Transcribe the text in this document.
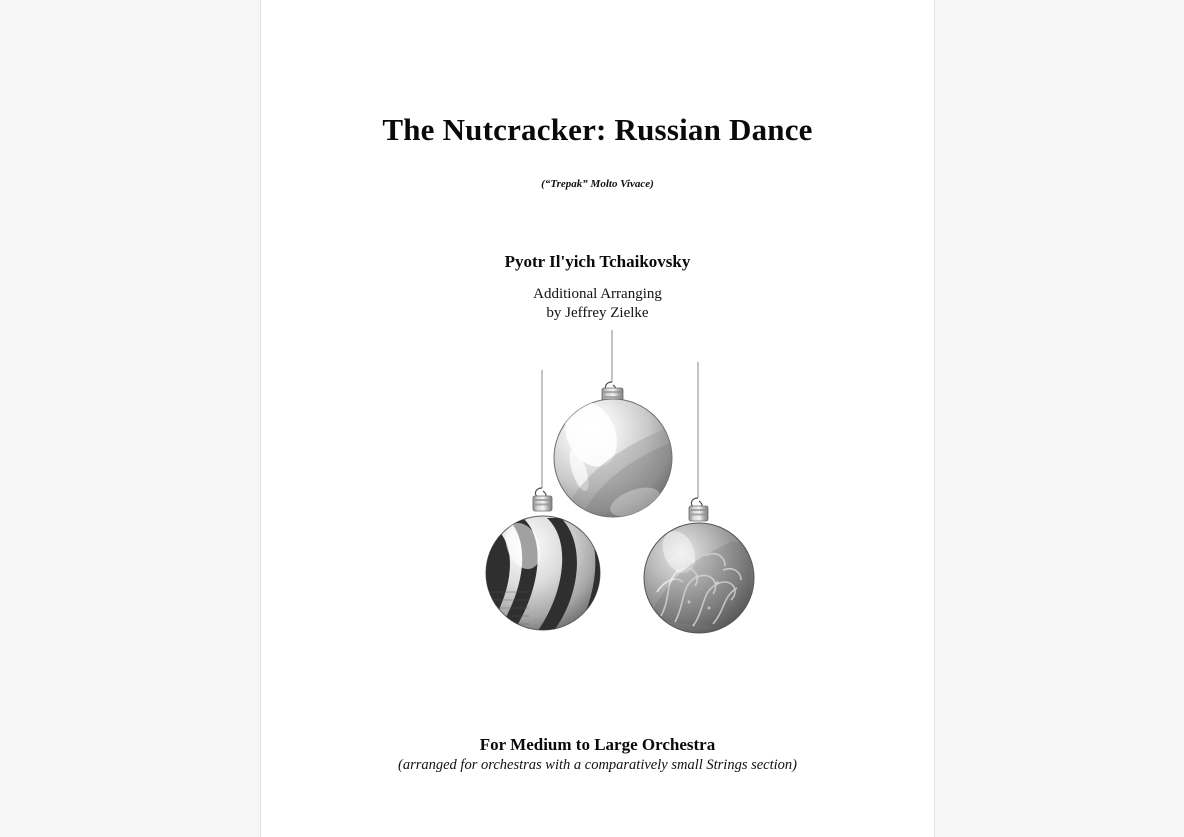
The Nutcracker: Russian Dance
(“Trepak” Molto Vivace)
Pyotr Il'yich Tchaikovsky
Additional Arranging
by Jeffrey Zielke
For Medium to Large Orchestra
(arranged for orchestras with a comparatively small Strings section)
